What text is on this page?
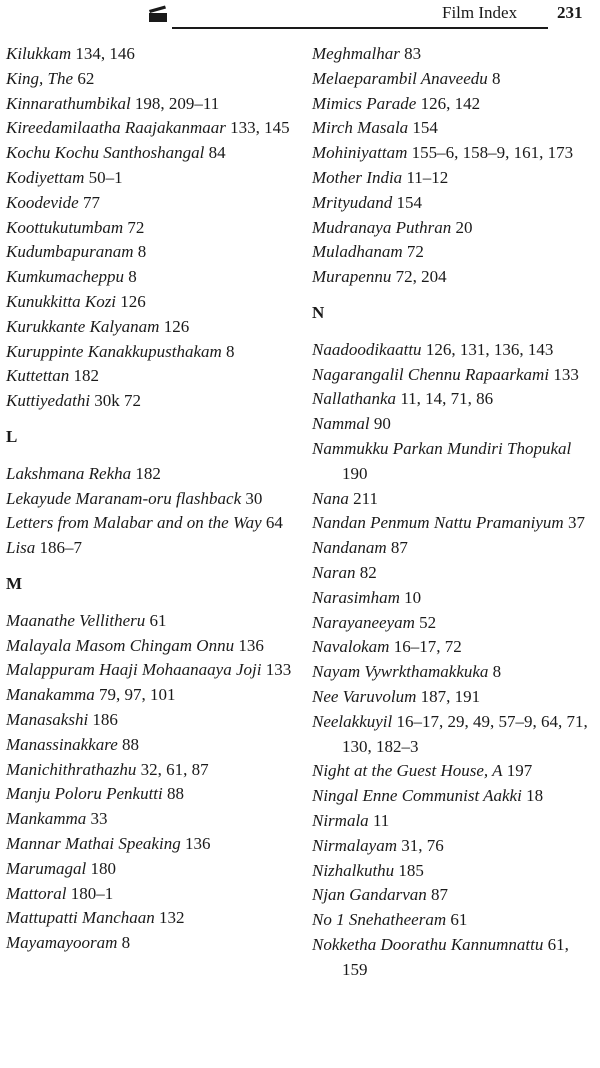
Film Index 231

Kilukkam 134, 146

King, The 62

Kinnarathumbikal 198, 209–11

Kireedamilaatha Raajakanmaar 133, 145

Kochu Kochu Santhoshangal 84

Kodiyettam 50–1

Koodevide 77

Koottukutumbam 72

Kudumbapuranam 8

Kumkumacheppu 8

Kunukkitta Kozi 126

Kurukkante Kalyanam 126

Kuruppinte Kanakkupusthakam 8

Kuttettan 182

Kuttiyedathi 30k 72

L

Lakshmana Rekha 182

Lekayude Maranam-oru flashback 30

Letters from Malabar and on the Way 64

Lisa 186–7

M

Maanathe Vellitheru 61

Malayala Masom Chingam Onnu 136

Malappuram Haaji Mohaanaaya Joji 133

Manakamma 79, 97, 101

Manasakshi 186

Manassinakkare 88

Manichithrathazhu 32, 61, 87

Manju Poloru Penkutti 88

Mankamma 33

Mannar Mathai Speaking 136

Marumagal 180

Mattoral 180–1

Mattupatti Manchaan 132

Mayamayooram 8

Meghmalhar 83

Melaeparambil Anaveedu 8

Mimics Parade 126, 142

Mirch Masala 154

Mohiniyattam 155–6, 158–9, 161, 173

Mother India 11–12

Mrityudand 154

Mudranaya Puthran 20

Muladhanam 72

Murapennu 72, 204

N

Naadoodikaattu 126, 131, 136, 143

Nagarangalil Chennu Rapaarkami 133

Nallathanka 11, 14, 71, 86

Nammal 90

Nammukku Parkan Mundiri Thopukal 190

Nana 211

Nandan Penmum Nattu Pramaniyum 37

Nandanam 87

Naran 82

Narasimham 10

Narayaneeyam 52

Navalokam 16–17, 72

Nayam Vywrkthamakkuka 8

Nee Varuvolum 187, 191

Neelakkuyil 16–17, 29, 49, 57–9, 64, 71, 130, 182–3

Night at the Guest House, A 197

Ningal Enne Communist Aakki 18

Nirmala 11

Nirmalayam 31, 76

Nizhalkuthu 185

Njan Gandarvan 87

No 1 Snehatheeram 61

Nokketha Doorathu Kannumnattu 61, 159
